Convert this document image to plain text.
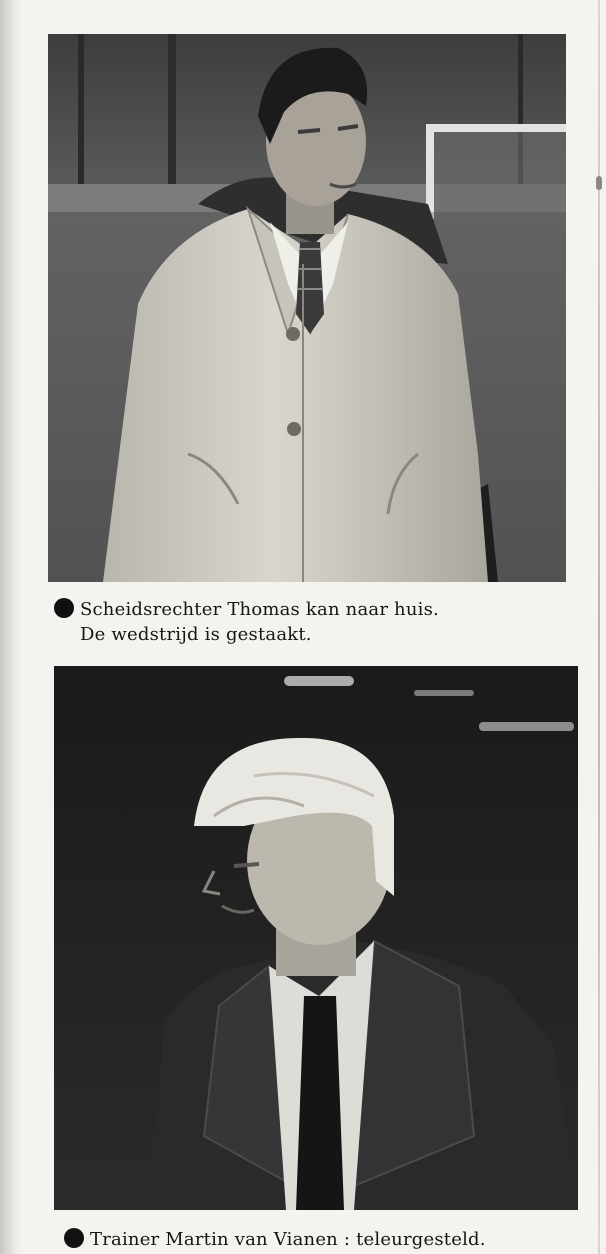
Scheidsrechter Thomas kan naar huis.
De wedstrijd is gestaakt.
Trainer Martin van Vianen : teleurgesteld.
